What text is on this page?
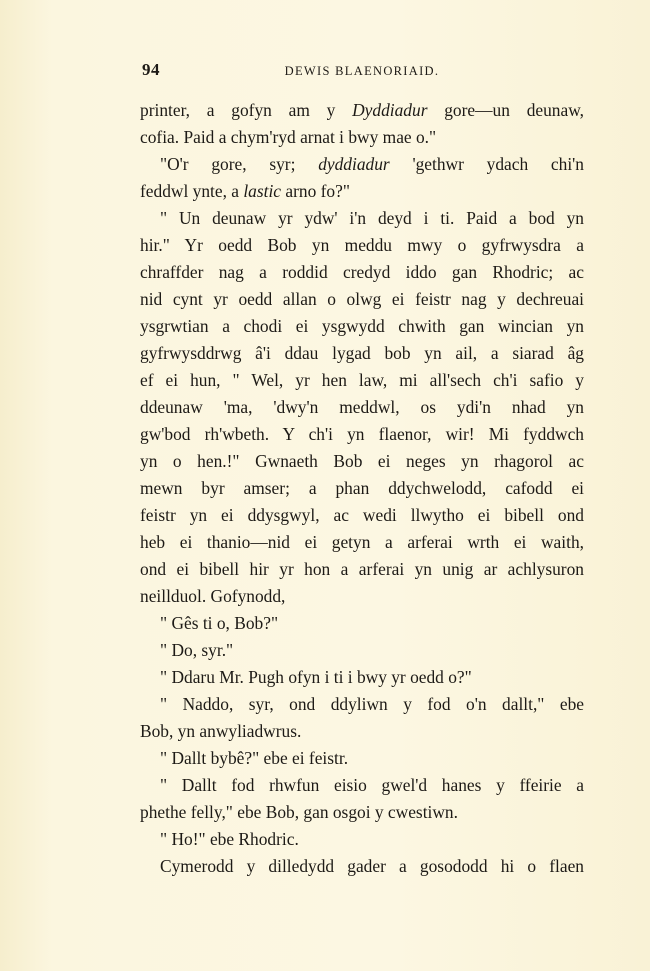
94	DEWIS BLAENORIAID.
printer, a gofyn am y Dyddiadur gore—un deunaw,
cofia. Paid a chym'ryd arnat i bwy mae o."
"O'r gore, syr; dyddiadur 'gethwr ydach chi'n
feddwl ynte, a lastic arno fo?"
" Un deunaw yr ydw' i'n deyd i ti. Paid a bod yn
hir." Yr oedd Bob yn meddu mwy o gyfrwysdra a
chraffder nag a roddid credyd iddo gan Rhodric; ac
nid cynt yr oedd allan o olwg ei feistr nag y dechreuai
ysgrwtian a chodi ei ysgwydd chwith gan wincian yn
gyfrwysddrwg â'i ddau lygad bob yn ail, a siarad âg
ef ei hun, " Wel, yr hen law, mi all'sech ch'i safio y
ddeunaw 'ma, 'dwy'n meddwl, os ydi'n nhad yn
gw'bod rh'wbeth. Y ch'i yn flaenor, wir! Mi fyddwch
yn o hen.!" Gwnaeth Bob ei neges yn rhagorol ac
mewn byr amser; a phan ddychwelodd, cafodd ei
feistr yn ei ddysgwyl, ac wedi llwytho ei bibell ond
heb ei thanio—nid ei getyn a arferai wrth ei waith,
ond ei bibell hir yr hon a arferai yn unig ar achlysuron
neillduol. Gofynodd,
" Gês ti o, Bob?"
" Do, syr."
" Ddaru Mr. Pugh ofyn i ti i bwy yr oedd o?"
" Naddo, syr, ond ddyliwn y fod o'n dallt," ebe
Bob, yn anwyliadwrus.
" Dallt bybê?" ebe ei feistr.
" Dallt fod rhwfun eisio gwel'd hanes y ffeirie a
phethe felly," ebe Bob, gan osgoi y cwestiwn.
" Ho!" ebe Rhodric.
Cymerodd y dilledydd gader a gosododd hi o flaen
